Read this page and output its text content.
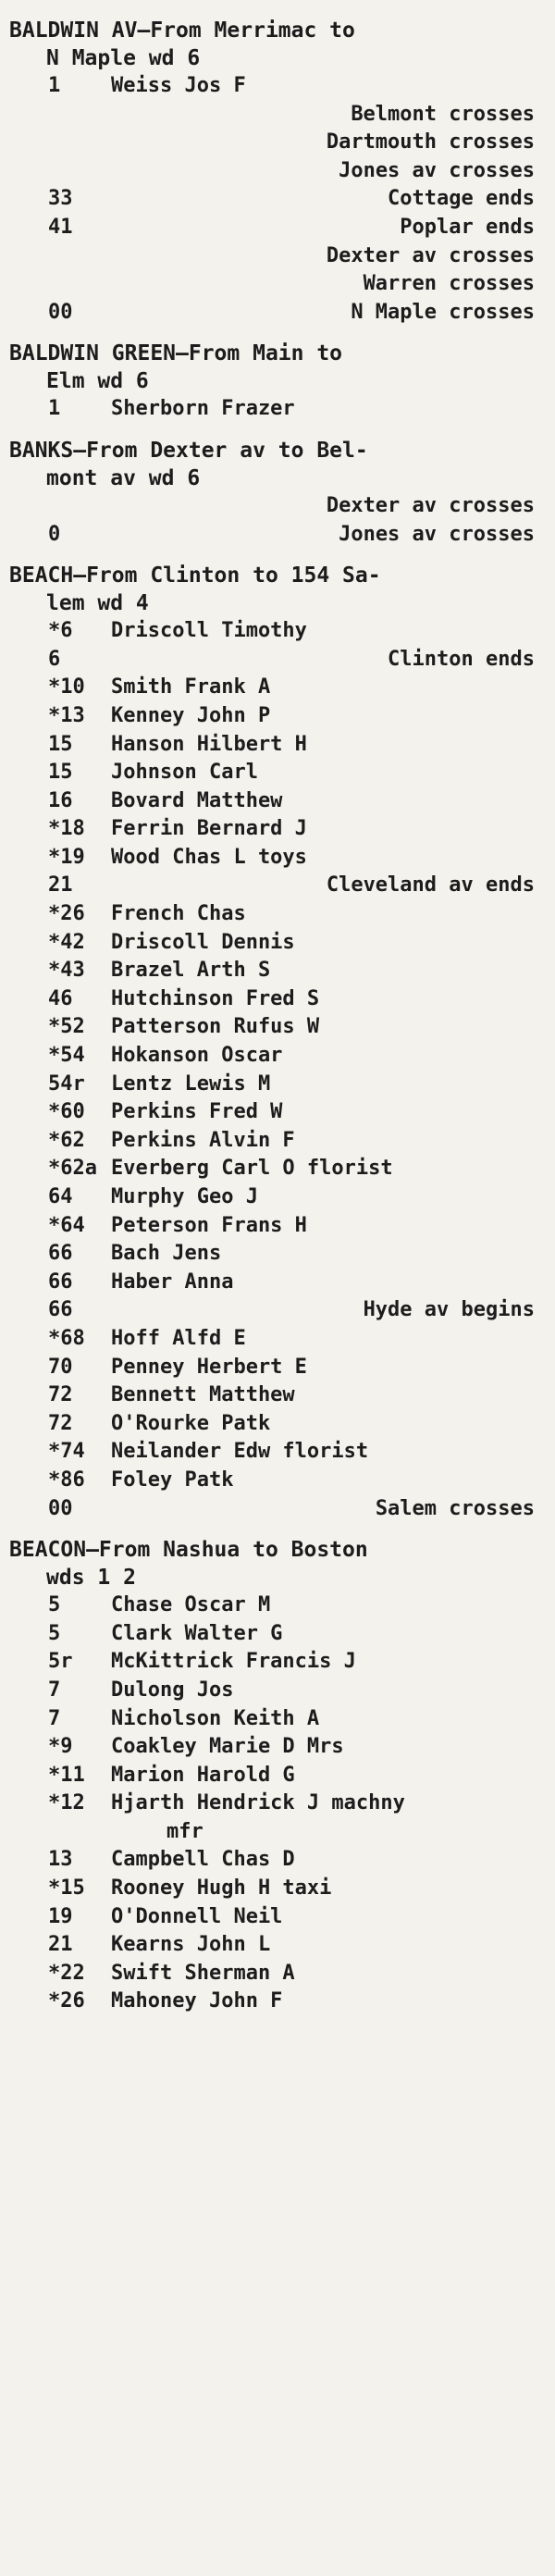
BALDWIN AV—From Merrimac to
N Maple wd 6
1	Weiss Jos F
Belmont crosses
Dartmouth crosses
Jones av crosses
33	Cottage ends
41	Poplar ends
Dexter av crosses
Warren crosses
00	N Maple crosses
BALDWIN GREEN—From Main to
Elm wd 6
1	Sherborn Frazer
BANKS—From Dexter av to Bel-
mont av wd 6
Dexter av crosses
0	Jones av crosses
BEACH—From Clinton to 154 Sa-
lem wd 4
*6	Driscoll Timothy
6	Clinton ends
*10	Smith Frank A
*13	Kenney John P
15	Hanson Hilbert H
15	Johnson Carl
16	Bovard Matthew
*18	Ferrin Bernard J
*19	Wood Chas L toys
21	Cleveland av ends
*26	French Chas
*42	Driscoll Dennis
*43	Brazel Arth S
46	Hutchinson Fred S
*52	Patterson Rufus W
*54	Hokanson Oscar
54r	Lentz Lewis M
*60	Perkins Fred W
*62	Perkins Alvin F
*62a Everberg Carl O florist
64	Murphy Geo J
*64	Peterson Frans H
66	Bach Jens
66	Haber Anna
66	Hyde av begins
*68	Hoff Alfd E
70	Penney Herbert E
72	Bennett Matthew
72	O'Rourke Patk
*74	Neilander Edw florist
*86	Foley Patk
00	Salem crosses
BEACON—From Nashua to Boston
wds 1 2
5	Chase Oscar M
5	Clark Walter G
5r	McKittrick Francis J
7	Dulong Jos
7	Nicholson Keith A
*9	Coakley Marie D Mrs
*11	Marion Harold G
*12	Hjarth Hendrick J machny
mfr
13	Campbell Chas D
*15	Rooney Hugh H taxi
19	O'Donnell Neil
21	Kearns John L
*22	Swift Sherman A
*26	Mahoney John F
